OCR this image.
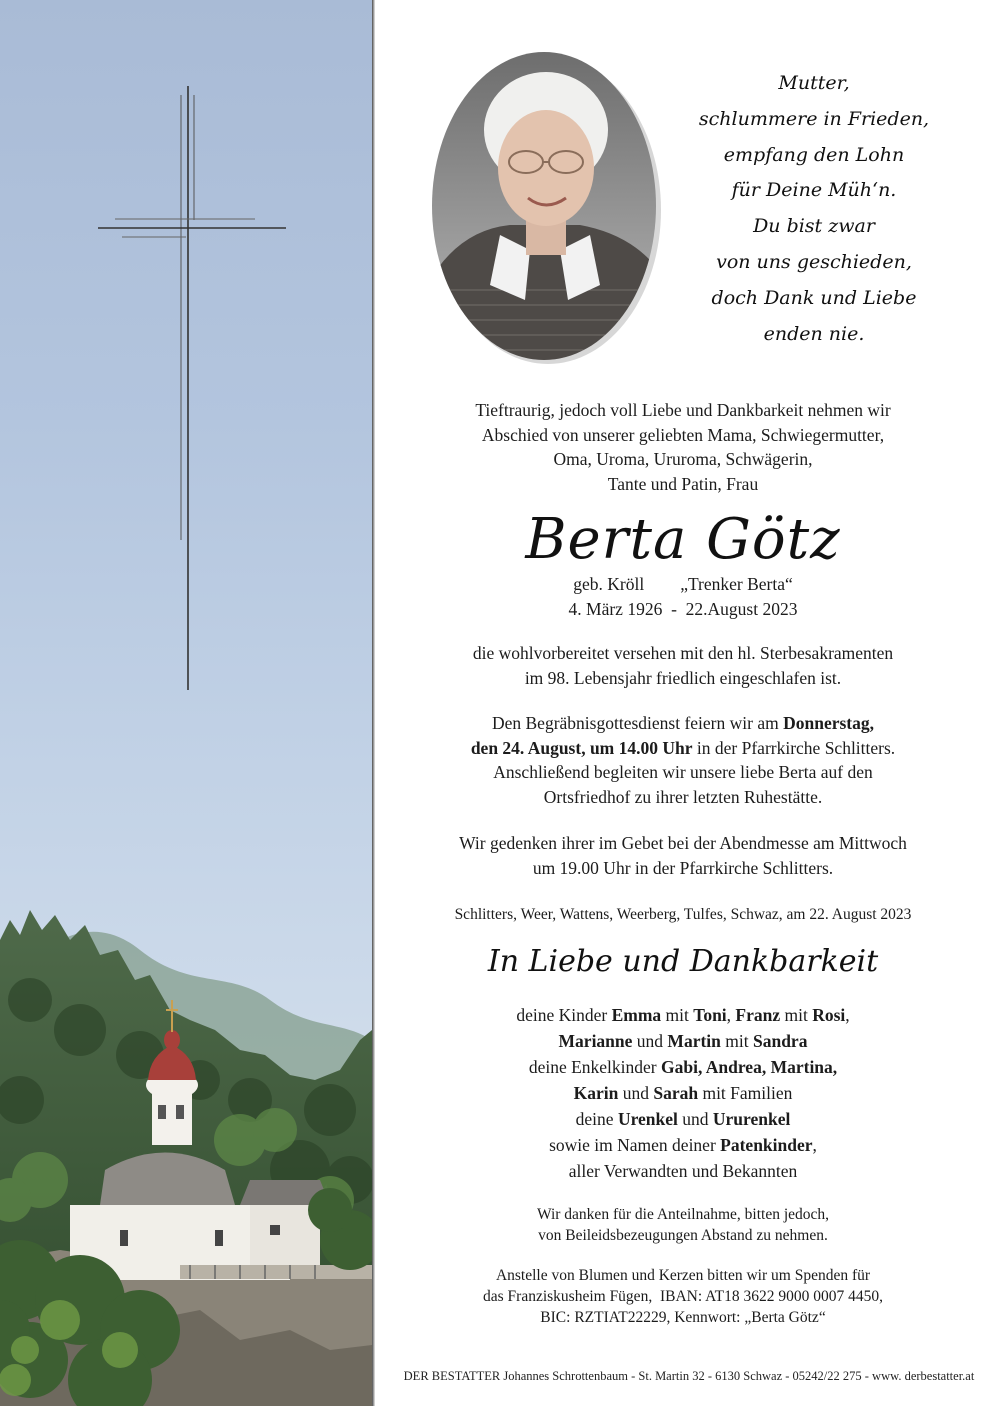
Mutter,
schlummere in Frieden,
empfang den Lohn
für Deine Müh‘n.
Du bist zwar
von uns geschieden,
doch Dank und Liebe
enden nie.
Tieftraurig, jedoch voll Liebe und Dankbarkeit nehmen wir
Abschied von unserer geliebten Mama, Schwiegermutter,
Oma, Uroma, Ururoma, Schwägerin,
Tante und Patin, Frau
Berta Götz
geb. Kröll „Trenker Berta“
4. März 1926  -  22.August 2023
die wohlvorbereitet versehen mit den hl. Sterbesakramenten
im 98. Lebensjahr friedlich eingeschlafen ist.
Den Begräbnisgottesdienst feiern wir am Donnerstag,
den 24. August, um 14.00 Uhr in der Pfarrkirche Schlitters.
Anschließend begleiten wir unsere liebe Berta auf den
Ortsfriedhof zu ihrer letzten Ruhestätte.
Wir gedenken ihrer im Gebet bei der Abendmesse am Mittwoch
um 19.00 Uhr in der Pfarrkirche Schlitters.
Schlitters, Weer, Wattens, Weerberg, Tulfes, Schwaz, am 22. August 2023
In Liebe und Dankbarkeit
deine Kinder Emma mit Toni, Franz mit Rosi,
Marianne und Martin mit Sandra
deine Enkelkinder Gabi, Andrea, Martina,
Karin und Sarah mit Familien
deine Urenkel und Ururenkel
sowie im Namen deiner Patenkinder,
aller Verwandten und Bekannten
Wir danken für die Anteilnahme, bitten jedoch,
von Beileidsbezeugungen Abstand zu nehmen.
Anstelle von Blumen und Kerzen bitten wir um Spenden für
das Franziskusheim Fügen,  IBAN: AT18 3622 9000 0007 4450,
BIC: RZTIAT22229, Kennwort: „Berta Götz“
DER BESTATTER Johannes Schrottenbaum - St. Martin 32 - 6130 Schwaz - 05242/22 275 - www. derbestatter.at
